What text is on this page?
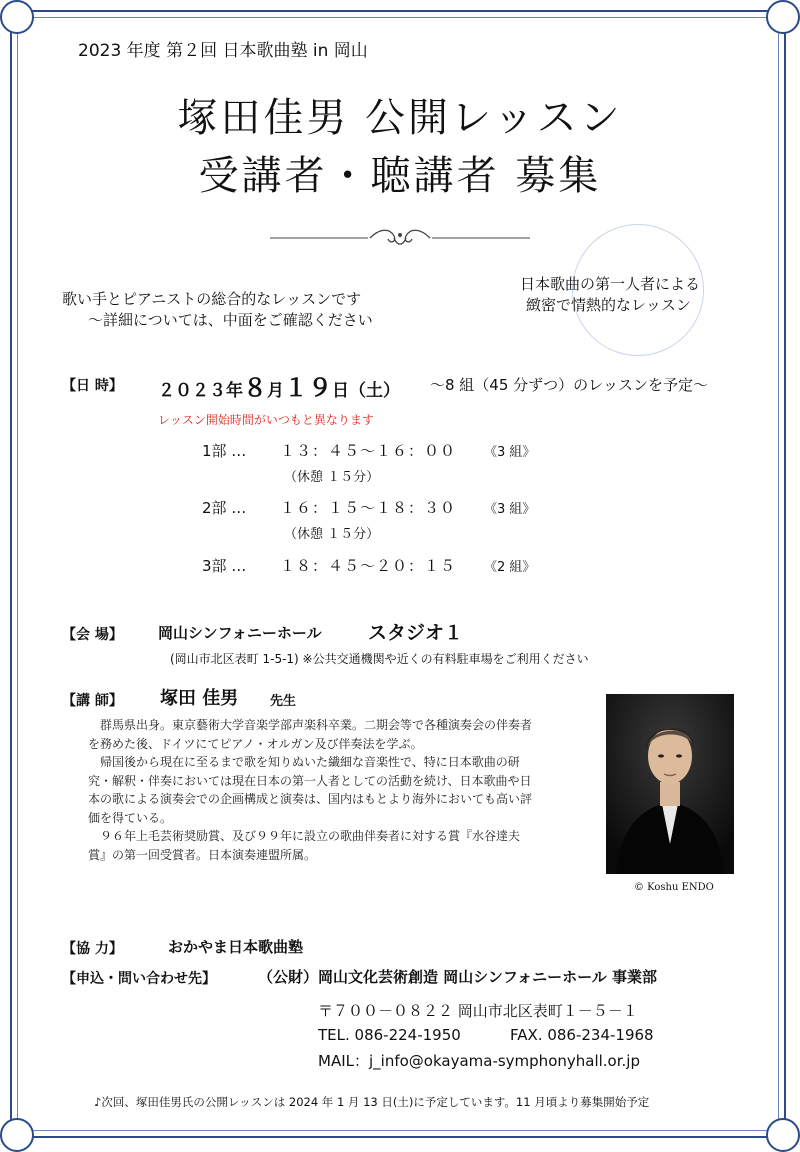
2023 年度 第２回 日本歌曲塾 in 岡山
塚田佳男 公開レッスン
受講者・聴講者 募集
歌い手とピアニストの総合的なレッスンです
～詳細については、中面をご確認ください
日本歌曲の第一人者による
緻密で情熱的なレッスン
【日 時】 ２０２３年８月１９日（土） ～8 組（45 分ずつ）のレッスンを予定～
レッスン開始時間がいつもと異なります
1部 … １３：４５～１６：００ 《3 組》
（休憩 １５分）
2部 … １６：１５～１８：３０ 《3 組》
（休憩 １５分）
3部 … １８：４５～２０：１５ 《2 組》
【会 場】 岡山シンフォニーホール スタジオ１
(岡山市北区表町 1-5-1) ※公共交通機関や近くの有料駐車場をご利用ください
【講 師】 塚田 佳男 先生

群馬県出身。東京藝術大学音楽学部声楽科卒業。二期会等で各種演奏会の伴奏者を務めた後、ドイツにてピアノ・オルガン及び伴奏法を学ぶ。

帰国後から現在に至るまで歌を知りぬいた繊細な音楽性で、特に日本歌曲の研究・解釈・伴奏においては現在日本の第一人者としての活動を続け、日本歌曲や日本の歌による演奏会での企画構成と演奏は、国内はもとより海外においても高い評価を得ている。

９６年上毛芸術奨励賞、及び９９年に設立の歌曲伴奏者に対する賞『水谷達夫賞』の第一回受賞者。日本演奏連盟所属。

© Koshu ENDO
【協 力】	おかやま日本歌曲塾
【申込・問い合わせ先】	（公財）岡山文化芸術創造 岡山シンフォニーホール 事業部
〒７００－０８２２ 岡山市北区表町１－５－１
TEL. 086-224-1950	FAX. 086-234-1968
MAIL：j_info@okayama-symphonyhall.or.jp
♪次回、塚田佳男氏の公開レッスンは 2024 年 1 月 13 日(土)に予定しています。11 月頃より募集開始予定
